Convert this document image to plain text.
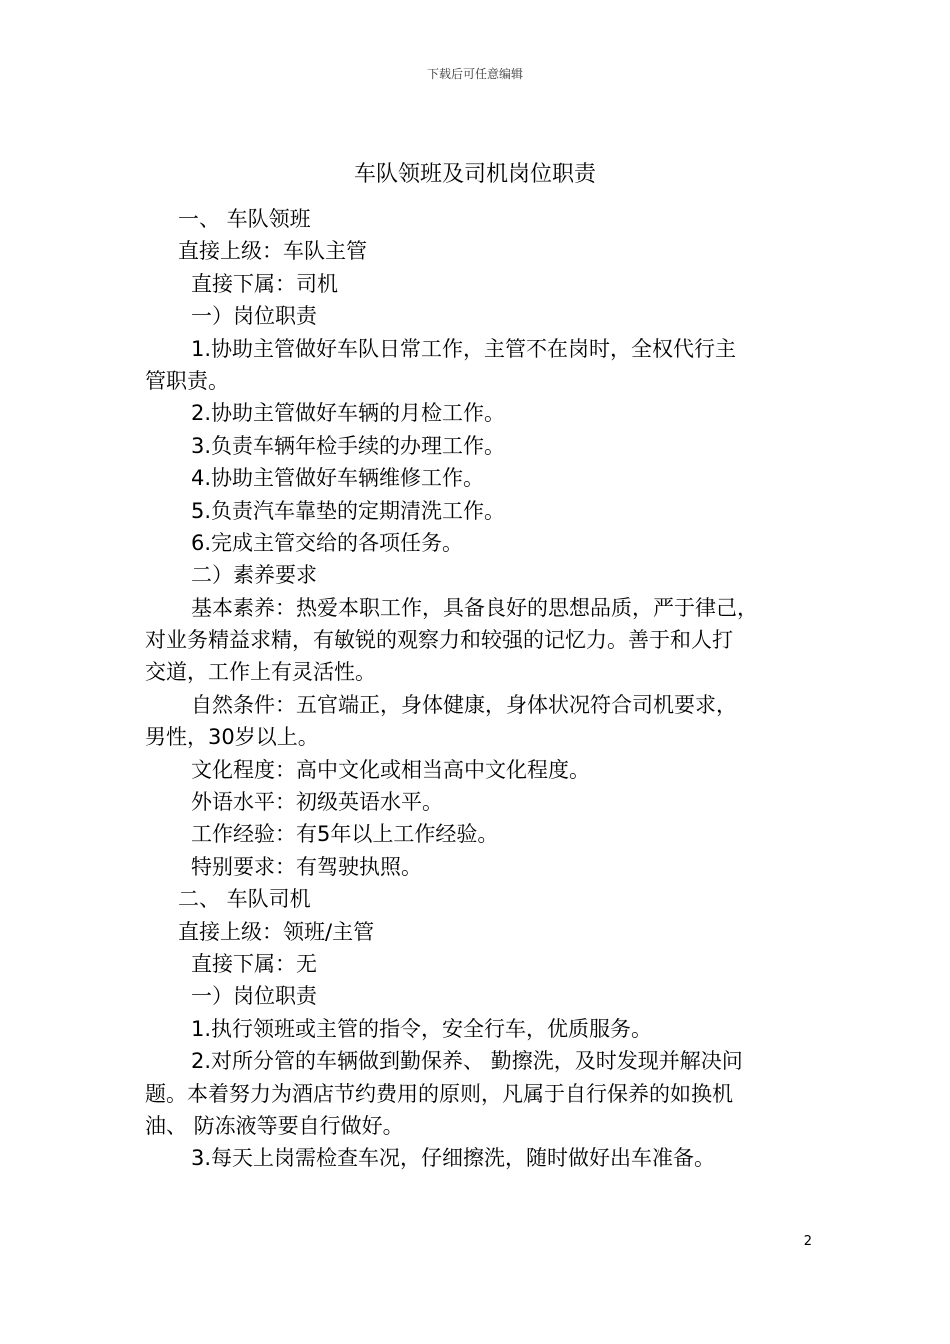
下载后可任意编辑
车队领班及司机岗位职责
一、 车队领班
直接上级：车队主管
直接下属：司机
一）岗位职责
1.协助主管做好车队日常工作，主管不在岗时，全权代行主
管职责。
2.协助主管做好车辆的月检工作。
3.负责车辆年检手续的办理工作。
4.协助主管做好车辆维修工作。
5.负责汽车靠垫的定期清洗工作。
6.完成主管交给的各项任务。
二）素养要求
基本素养：热爱本职工作，具备良好的思想品质，严于律己，
对业务精益求精，有敏锐的观察力和较强的记忆力。善于和人打
交道，工作上有灵活性。
自然条件：五官端正，身体健康，身体状况符合司机要求，
男性，30岁以上。
文化程度：高中文化或相当高中文化程度。
外语水平：初级英语水平。
工作经验：有5年以上工作经验。
特别要求：有驾驶执照。
二、 车队司机
直接上级：领班/主管
直接下属：无
一）岗位职责
1.执行领班或主管的指令，安全行车，优质服务。
2.对所分管的车辆做到勤保养、 勤擦洗，及时发现并解决问
题。本着努力为酒店节约费用的原则，凡属于自行保养的如换机
油、 防冻液等要自行做好。
3.每天上岗需检查车况，仔细擦洗，随时做好出车准备。
2
